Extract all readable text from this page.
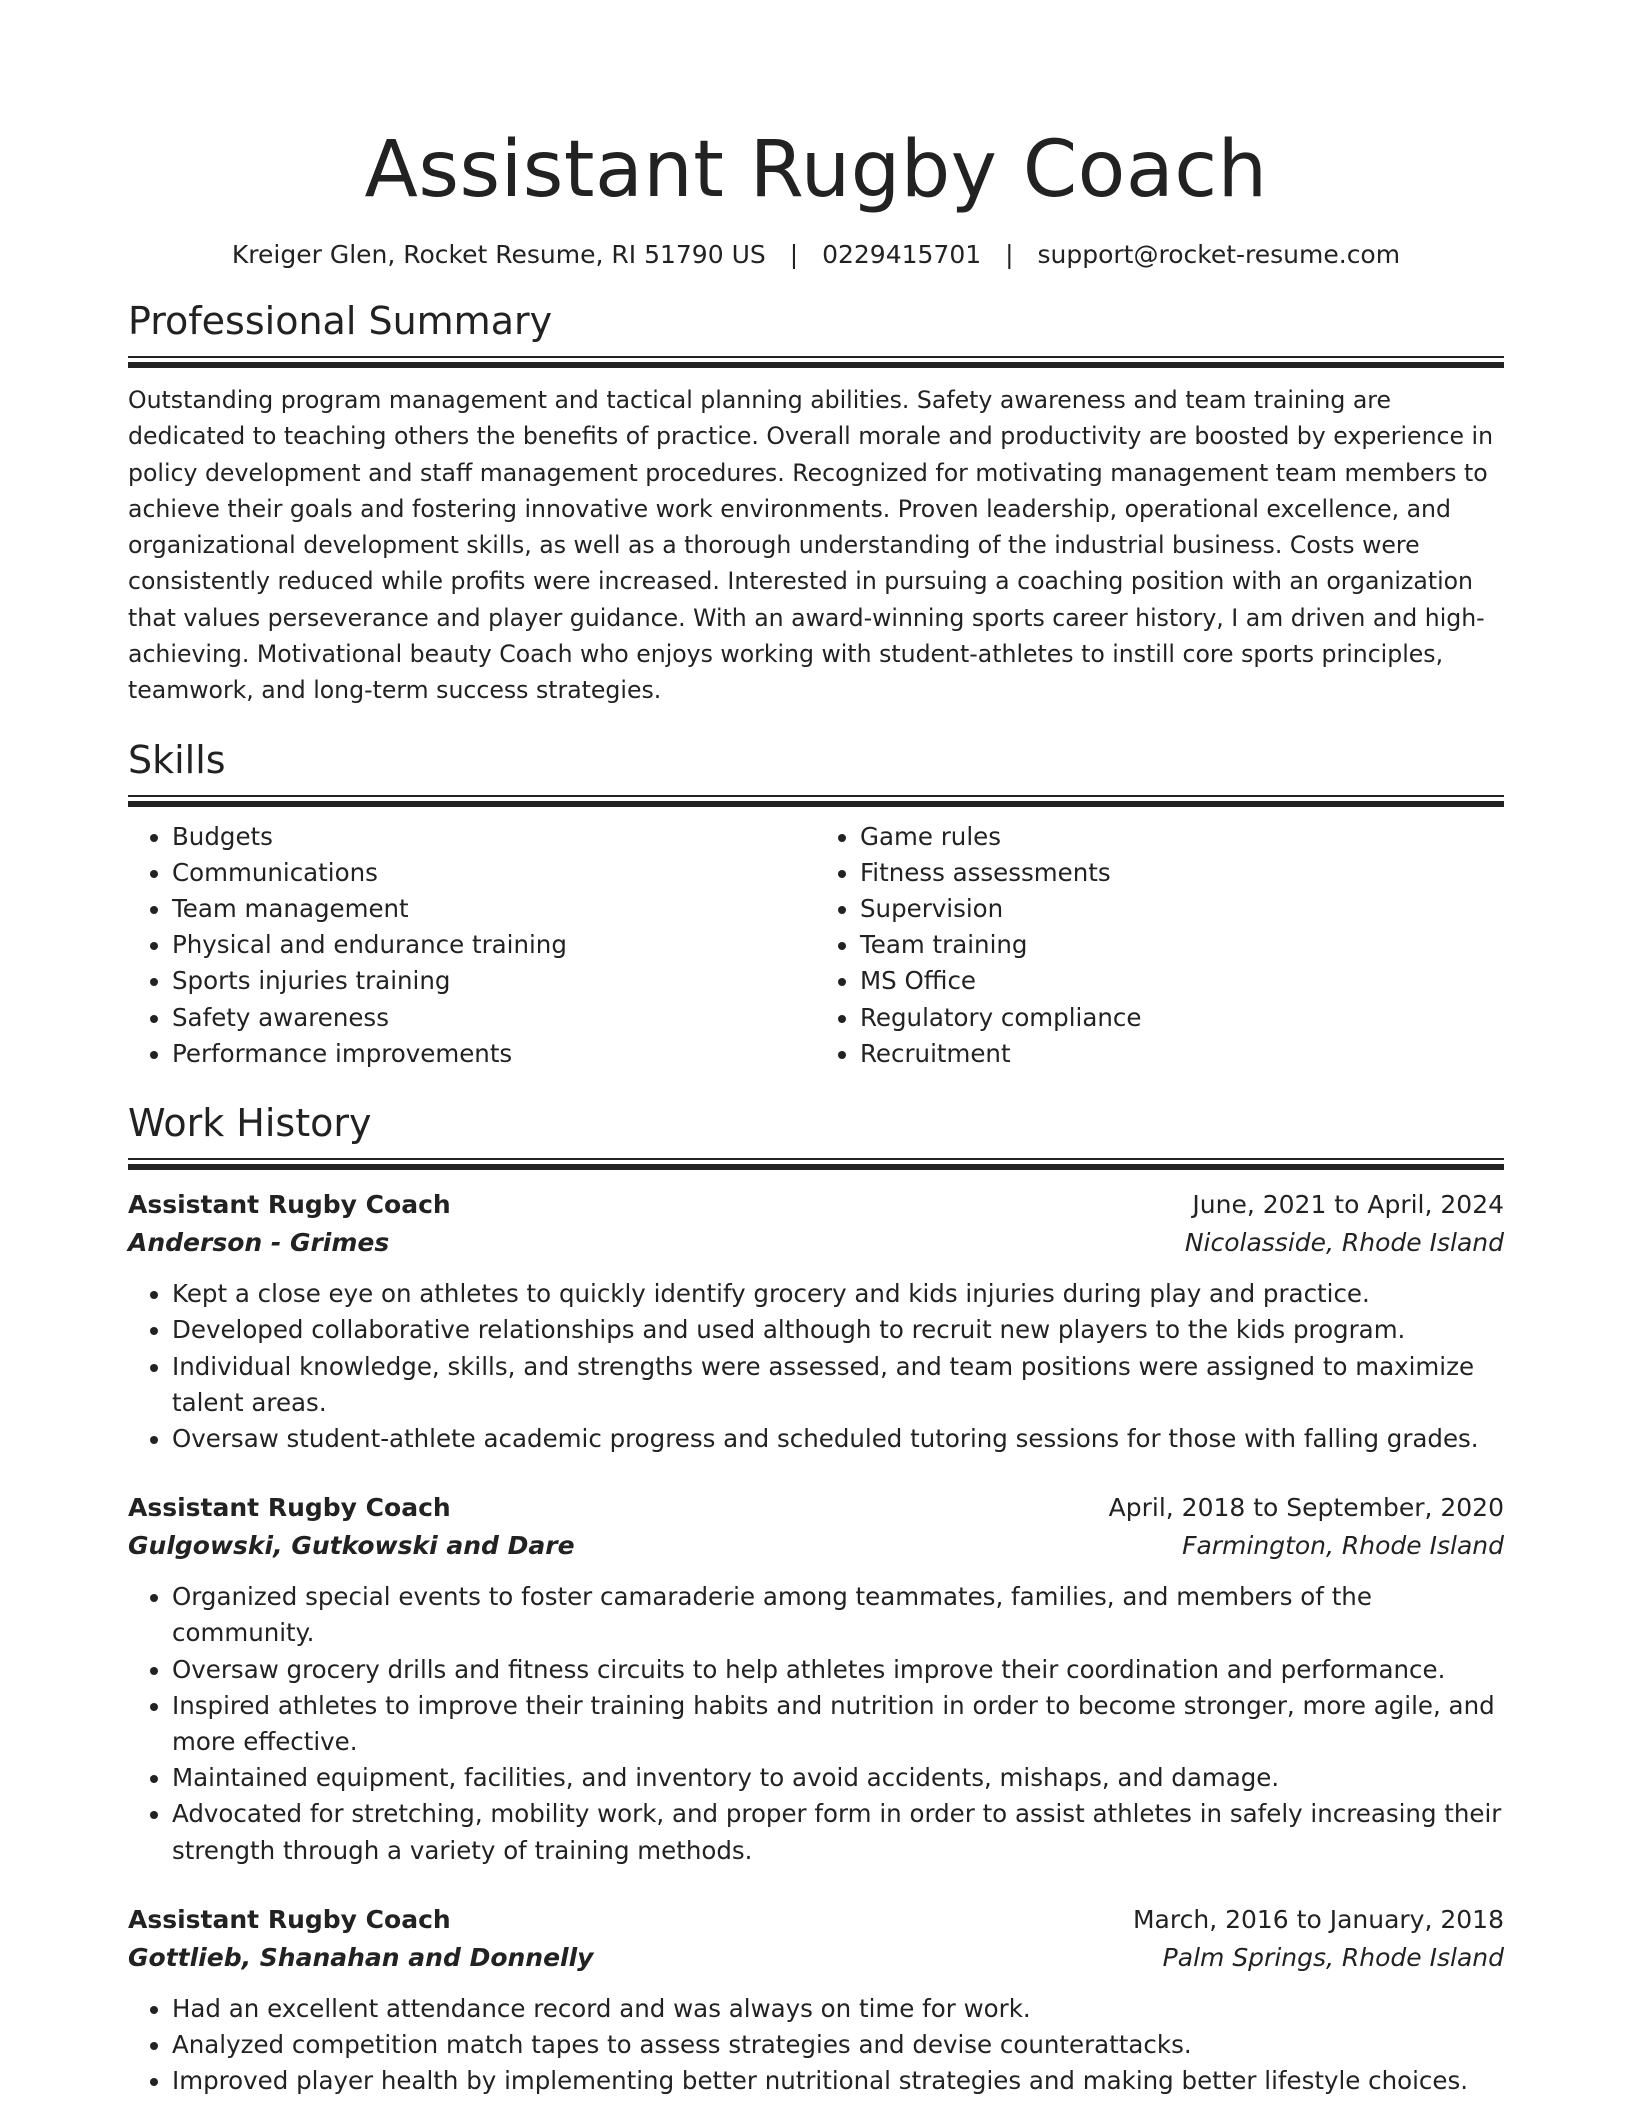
Assistant Rugby Coach
Kreiger Glen, Rocket Resume, RI 51790 US | 0229415701 | support@rocket-resume.com
Professional Summary

Outstanding program management and tactical planning abilities. Safety awareness and team training are dedicated to teaching others the benefits of practice. Overall morale and productivity are boosted by experience in policy development and staff management procedures. Recognized for motivating management team members to achieve their goals and fostering innovative work environments. Proven leadership, operational excellence, and organizational development skills, as well as a thorough understanding of the industrial business. Costs were consistently reduced while profits were increased. Interested in pursuing a coaching position with an organization that values perseverance and player guidance. With an award-winning sports career history, I am driven and high-achieving. Motivational beauty Coach who enjoys working with student-athletes to instill core sports principles, teamwork, and long-term success strategies.

Skills
• Budgets
• Communications
• Team management
• Physical and endurance training
• Sports injuries training
• Safety awareness
• Performance improvements
• Game rules
• Fitness assessments
• Supervision
• Team training
• MS Office
• Regulatory compliance
• Recruitment
Work History
Assistant Rugby Coach	June, 2021 to April, 2024
Anderson - Grimes	Nicolasside, Rhode Island
• Kept a close eye on athletes to quickly identify grocery and kids injuries during play and practice.
• Developed collaborative relationships and used although to recruit new players to the kids program.
• Individual knowledge, skills, and strengths were assessed, and team positions were assigned to maximize talent areas.
• Oversaw student-athlete academic progress and scheduled tutoring sessions for those with falling grades.
Assistant Rugby Coach	April, 2018 to September, 2020
Gulgowski, Gutkowski and Dare	Farmington, Rhode Island
• Organized special events to foster camaraderie among teammates, families, and members of the community.
• Oversaw grocery drills and fitness circuits to help athletes improve their coordination and performance.
• Inspired athletes to improve their training habits and nutrition in order to become stronger, more agile, and more effective.
• Maintained equipment, facilities, and inventory to avoid accidents, mishaps, and damage.
• Advocated for stretching, mobility work, and proper form in order to assist athletes in safely increasing their strength through a variety of training methods.
Assistant Rugby Coach	March, 2016 to January, 2018
Gottlieb, Shanahan and Donnelly	Palm Springs, Rhode Island
• Had an excellent attendance record and was always on time for work.
• Analyzed competition match tapes to assess strategies and devise counterattacks.
• Improved player health by implementing better nutritional strategies and making better lifestyle choices.
